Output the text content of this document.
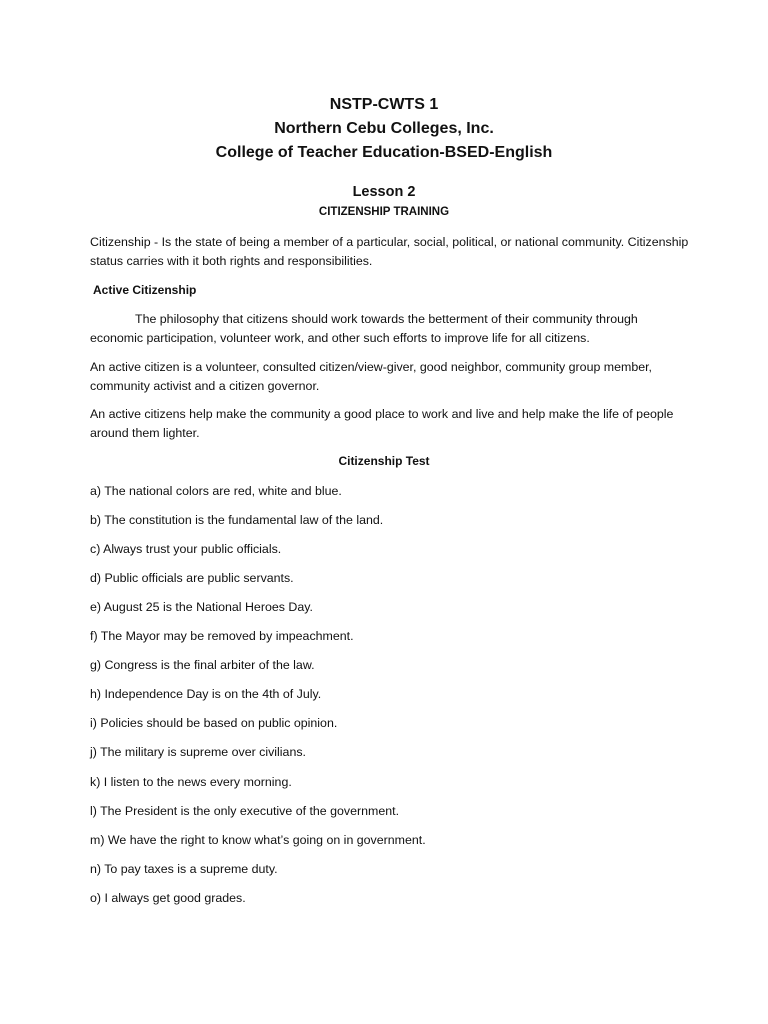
NSTP-CWTS 1
Northern Cebu Colleges, Inc.
College of Teacher Education-BSED-English
Lesson 2
CITIZENSHIP TRAINING
Citizenship - Is the state of being a member of a particular, social, political, or national community. Citizenship status carries with it both rights and responsibilities.
Active Citizenship
The philosophy that citizens should work towards the betterment of their community through economic participation, volunteer work, and other such efforts to improve life for all citizens.
An active citizen is a volunteer, consulted citizen/view-giver, good neighbor, community group member, community activist and a citizen governor.
An active citizens help make the community a good place to work and live and help make the life of people around them lighter.
Citizenship Test
a) The national colors are red, white and blue.
b) The constitution is the fundamental law of the land.
c) Always trust your public officials.
d) Public officials are public servants.
e) August 25 is the National Heroes Day.
f) The Mayor may be removed by impeachment.
g) Congress is the final arbiter of the law.
h) Independence Day is on the 4th of July.
i) Policies should be based on public opinion.
j) The military is supreme over civilians.
k) I listen to the news every morning.
l) The President is the only executive of the government.
m) We have the right to know what’s going on in government.
n) To pay taxes is a supreme duty.
o) I always get good grades.
